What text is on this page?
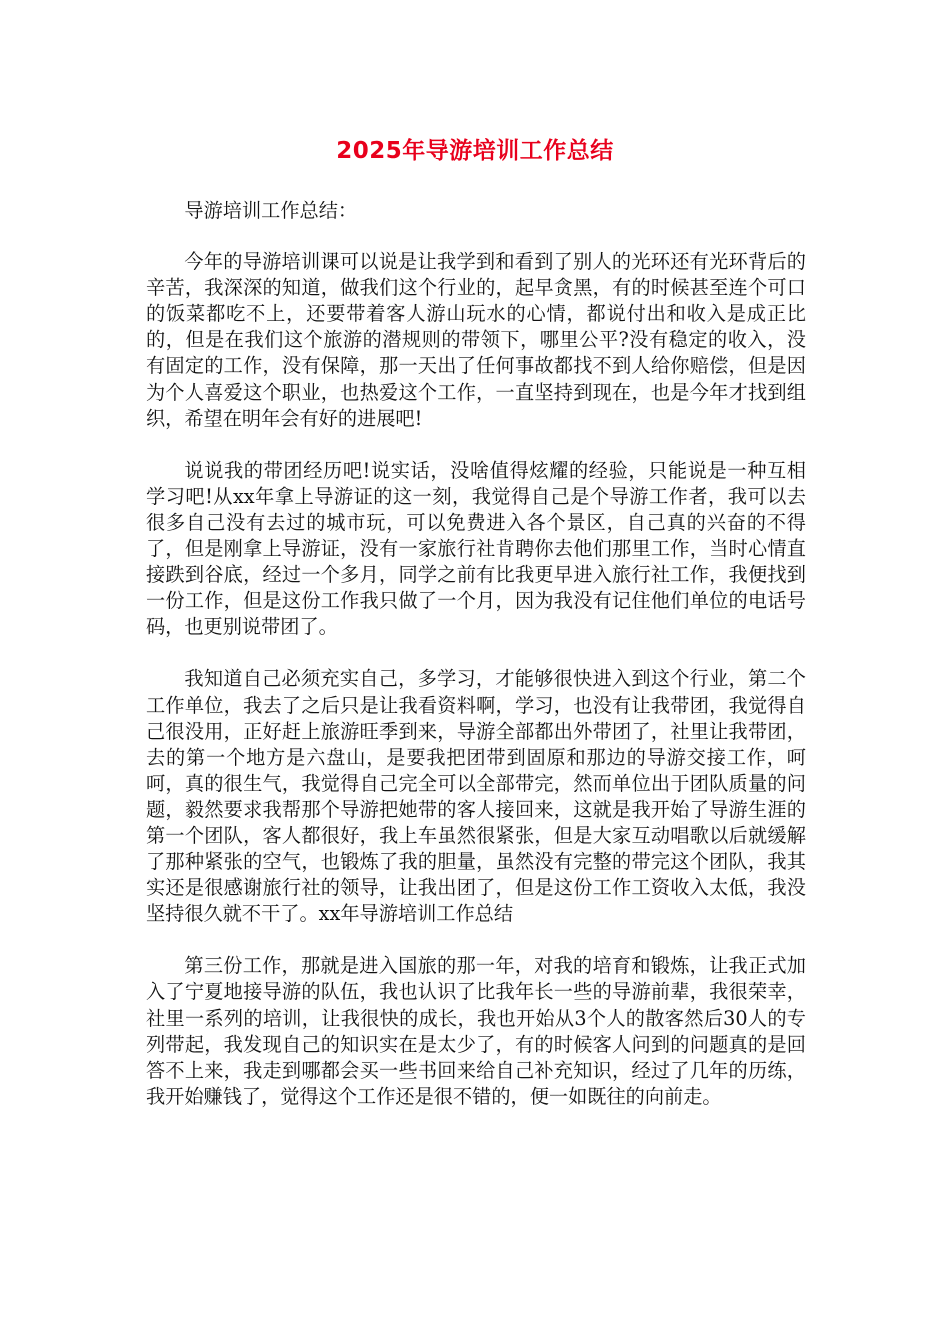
2025年导游培训工作总结

导游培训工作总结：

今年的导游培训课可以说是让我学到和看到了别人的光环还有光环背后的辛苦，我深深的知道，做我们这个行业的，起早贪黑，有的时候甚至连个可口的饭菜都吃不上，还要带着客人游山玩水的心情，都说付出和收入是成正比的，但是在我们这个旅游的潜规则的带领下，哪里公平?没有稳定的收入，没有固定的工作，没有保障，那一天出了任何事故都找不到人给你赔偿，但是因为个人喜爱这个职业，也热爱这个工作，一直坚持到现在，也是今年才找到组织，希望在明年会有好的进展吧!

说说我的带团经历吧!说实话，没啥值得炫耀的经验，只能说是一种互相学习吧!从xx年拿上导游证的这一刻，我觉得自己是个导游工作者，我可以去很多自己没有去过的城市玩，可以免费进入各个景区，自己真的兴奋的不得了，但是刚拿上导游证，没有一家旅行社肯聘你去他们那里工作，当时心情直接跌到谷底，经过一个多月，同学之前有比我更早进入旅行社工作，我便找到一份工作，但是这份工作我只做了一个月，因为我没有记住他们单位的电话号码，也更别说带团了。

我知道自己必须充实自己，多学习，才能够很快进入到这个行业，第二个工作单位，我去了之后只是让我看资料啊，学习，也没有让我带团，我觉得自己很没用，正好赶上旅游旺季到来，导游全部都出外带团了，社里让我带团，去的第一个地方是六盘山，是要我把团带到固原和那边的导游交接工作，呵呵，真的很生气，我觉得自己完全可以全部带完，然而单位出于团队质量的问题，毅然要求我帮那个导游把她带的客人接回来，这就是我开始了导游生涯的第一个团队，客人都很好，我上车虽然很紧张，但是大家互动唱歌以后就缓解了那种紧张的空气，也锻炼了我的胆量，虽然没有完整的带完这个团队，我其实还是很感谢旅行社的领导，让我出团了，但是这份工作工资收入太低，我没坚持很久就不干了。xx年导游培训工作总结

第三份工作，那就是进入国旅的那一年，对我的培育和锻炼，让我正式加入了宁夏地接导游的队伍，我也认识了比我年长一些的导游前辈，我很荣幸，社里一系列的培训，让我很快的成长，我也开始从3个人的散客然后30人的专列带起，我发现自己的知识实在是太少了，有的时候客人问到的问题真的是回答不上来，我走到哪都会买一些书回来给自己补充知识，经过了几年的历练，我开始赚钱了，觉得这个工作还是很不错的，便一如既往的向前走。
